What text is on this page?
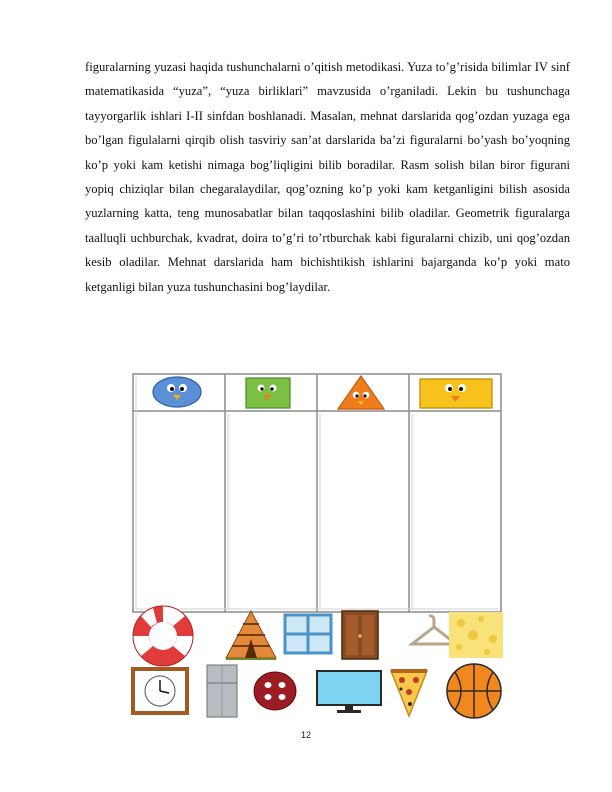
figuralarning yuzasi haqida tushunchalarni o’qitish metodikasi. Yuza to’g’risida bilimlar IV sinf matematikasida “yuza”, “yuza birliklari” mavzusida o’rganiladi. Lekin bu tushunchaga tayyorgarlik ishlari I-II sinfdan boshlanadi. Masalan, mehnat darslarida qog’ozdan yuzaga ega bo’lgan figulalarni qirqib olish tasviriy san’at darslarida ba’zi figuralarni bo’yash bo’yoqning ko’p yoki kam ketishi nimaga bog’liqligini bilib boradilar. Rasm solish bilan biror figurani yopiq chiziqlar bilan chegaralaydilar, qog’ozning ko’p yoki kam ketganligini bilish asosida yuzlarning katta, teng munosabatlar bilan taqqoslashini bilib oladilar. Geometrik figuralarga taalluqli uchburchak, kvadrat, doira to’g’ri to’rtburchak kabi figuralarni chizib, uni qog’ozdan kesib oladilar. Mehnat darslarida ham bichishtikish ishlarini bajarganda ko’p yoki mato ketganligi bilan yuza tushunchasini bog’laydilar.

12
